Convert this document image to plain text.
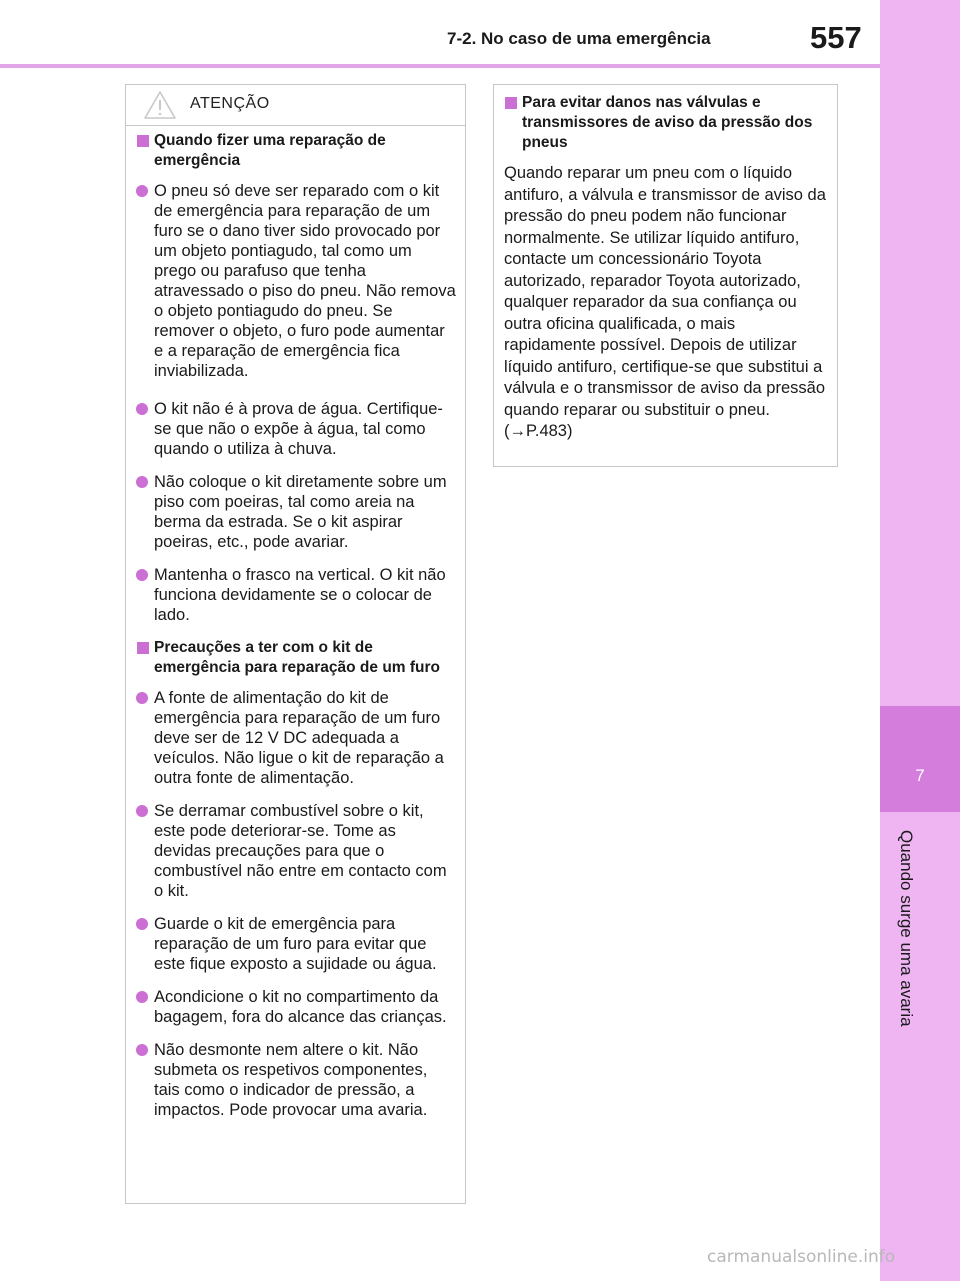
7-2. No caso de uma emergência	557
7
Quando surge uma avaria
ATENÇÃO
Quando fizer uma reparação de emergência
O pneu só deve ser reparado com o kit de emergência para reparação de um furo se o dano tiver sido provocado por um objeto pontiagudo, tal como um prego ou parafuso que tenha atravessado o piso do pneu. Não remova o objeto pontiagudo do pneu. Se remover o objeto, o furo pode aumentar e a reparação de emergência fica inviabilizada.
O kit não é à prova de água. Certifique-se que não o expõe à água, tal como quando o utiliza à chuva.
Não coloque o kit diretamente sobre um piso com poeiras, tal como areia na berma da estrada. Se o kit aspirar poeiras, etc., pode avariar.
Mantenha o frasco na vertical. O kit não funciona devidamente se o colocar de lado.
Precauções a ter com o kit de emergência para reparação de um furo
A fonte de alimentação do kit de emergência para reparação de um furo deve ser de 12 V DC adequada a veículos. Não ligue o kit de reparação a outra fonte de alimentação.
Se derramar combustível sobre o kit, este pode deteriorar-se. Tome as devidas precauções para que o combustível não entre em contacto com o kit.
Guarde o kit de emergência para reparação de um furo para evitar que este fique exposto a sujidade ou água.
Acondicione o kit no compartimento da bagagem, fora do alcance das crianças.
Não desmonte nem altere o kit. Não submeta os respetivos componentes, tais como o indicador de pressão, a impactos. Pode provocar uma avaria.
Para evitar danos nas válvulas e transmissores de aviso da pressão dos pneus
Quando reparar um pneu com o líquido antifuro, a válvula e transmissor de aviso da pressão do pneu podem não funcionar normalmente. Se utilizar líquido antifuro, contacte um concessionário Toyota autorizado, reparador Toyota autorizado, qualquer reparador da sua confiança ou outra oficina qualificada, o mais rapidamente possível. Depois de utilizar líquido antifuro, certifique-se que substitui a válvula e o transmissor de aviso da pressão quando reparar ou substituir o pneu. (→P.483)
carmanualsonline.info
